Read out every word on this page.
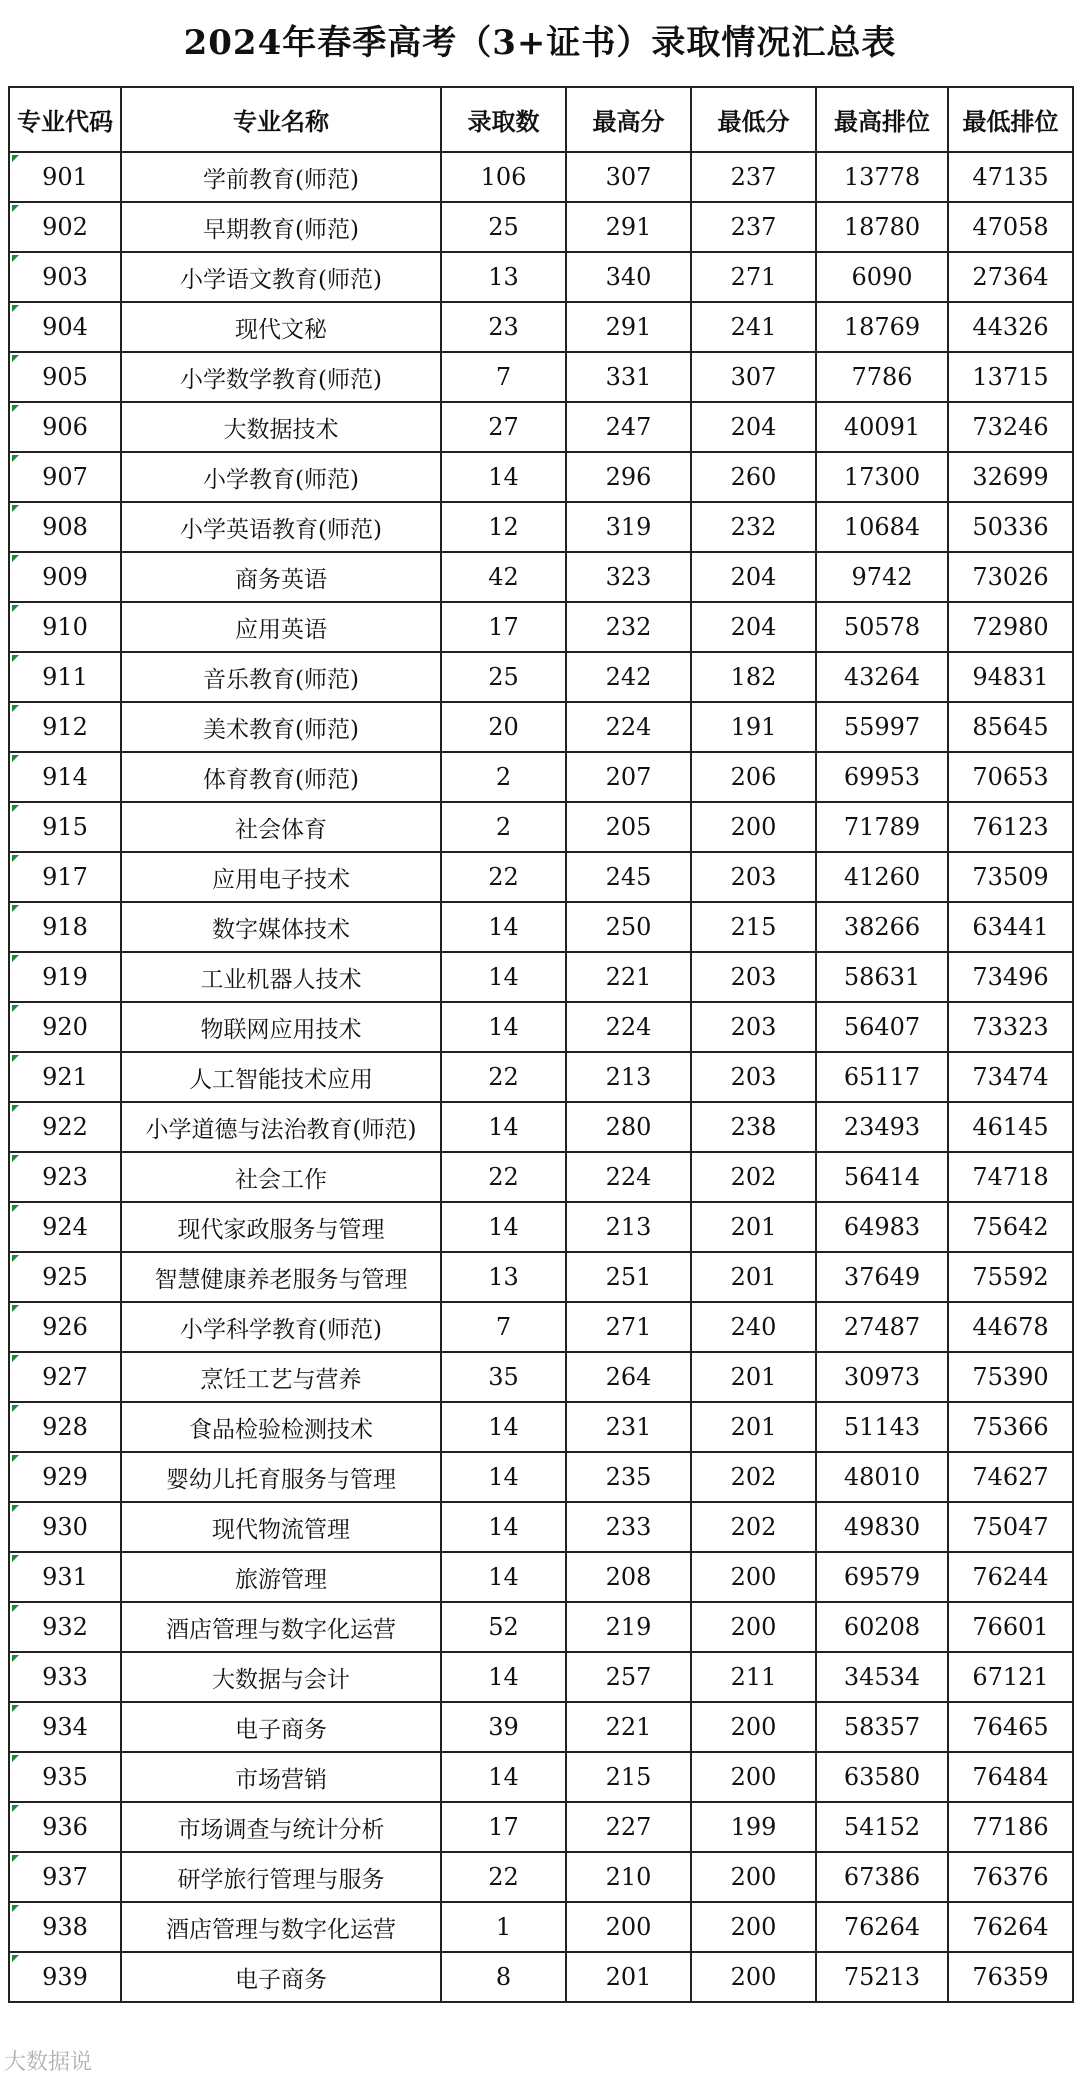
2024年春季高考（3+证书）录取情况汇总表
专业代码	专业名称	录取数	最高分	最低分	最高排位	最低排位
901	学前教育(师范)	106	307	237	13778	47135
902	早期教育(师范)	25	291	237	18780	47058
903	小学语文教育(师范)	13	340	271	6090	27364
904	现代文秘	23	291	241	18769	44326
905	小学数学教育(师范)	7	331	307	7786	13715
906	大数据技术	27	247	204	40091	73246
907	小学教育(师范)	14	296	260	17300	32699
908	小学英语教育(师范)	12	319	232	10684	50336
909	商务英语	42	323	204	9742	73026
910	应用英语	17	232	204	50578	72980
911	音乐教育(师范)	25	242	182	43264	94831
912	美术教育(师范)	20	224	191	55997	85645
914	体育教育(师范)	2	207	206	69953	70653
915	社会体育	2	205	200	71789	76123
917	应用电子技术	22	245	203	41260	73509
918	数字媒体技术	14	250	215	38266	63441
919	工业机器人技术	14	221	203	58631	73496
920	物联网应用技术	14	224	203	56407	73323
921	人工智能技术应用	22	213	203	65117	73474
922	小学道德与法治教育(师范)	14	280	238	23493	46145
923	社会工作	22	224	202	56414	74718
924	现代家政服务与管理	14	213	201	64983	75642
925	智慧健康养老服务与管理	13	251	201	37649	75592
926	小学科学教育(师范)	7	271	240	27487	44678
927	烹饪工艺与营养	35	264	201	30973	75390
928	食品检验检测技术	14	231	201	51143	75366
929	婴幼儿托育服务与管理	14	235	202	48010	74627
930	现代物流管理	14	233	202	49830	75047
931	旅游管理	14	208	200	69579	76244
932	酒店管理与数字化运营	52	219	200	60208	76601
933	大数据与会计	14	257	211	34534	67121
934	电子商务	39	221	200	58357	76465
935	市场营销	14	215	200	63580	76484
936	市场调查与统计分析	17	227	199	54152	77186
937	研学旅行管理与服务	22	210	200	67386	76376
938	酒店管理与数字化运营	1	200	200	76264	76264
939	电子商务	8	201	200	75213	76359
大数据说
